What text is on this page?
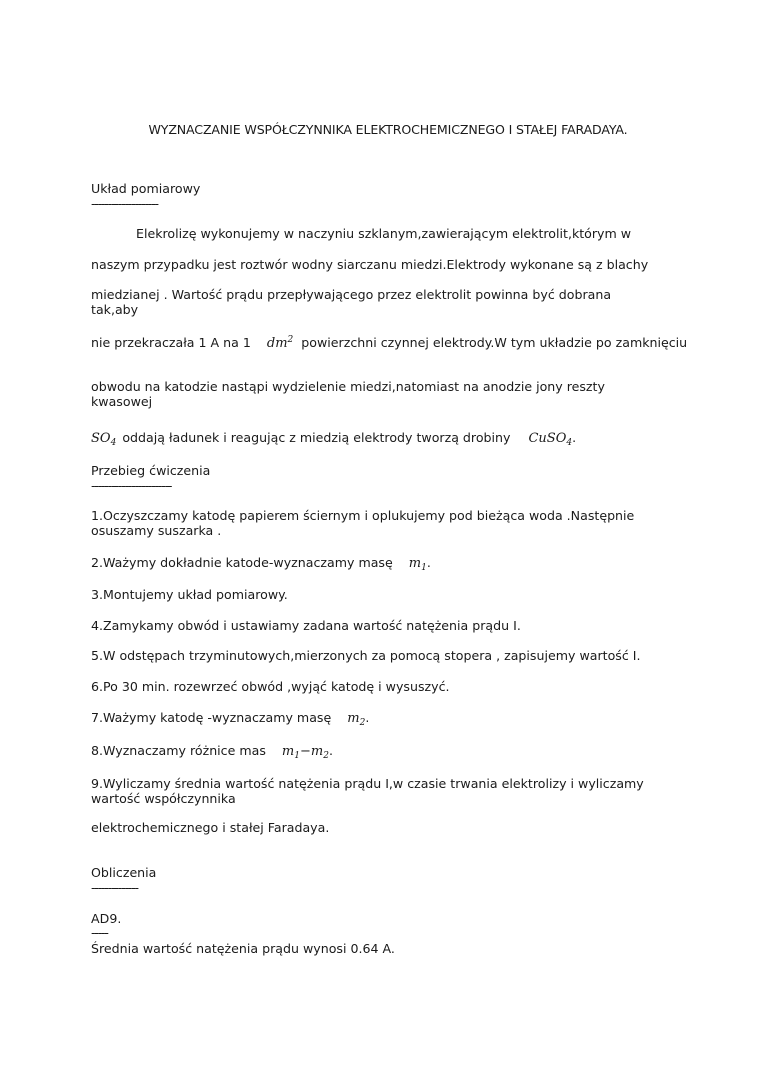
WYZNACZANIE WSPÓŁCZYNNIKA ELEKTROCHEMICZNEGO I STAŁEJ FARADAYA.
Układ pomiarowy
--------------------
Elekrolizę wykonujemy w naczyniu szklanym,zawierającym elektrolit,którym w
naszym przypadku jest roztwór wodny siarczanu miedzi.Elektrody wykonane są z blachy
miedzianej . Wartość prądu przepływającego przez elektrolit powinna być dobrana tak,aby
nie przekraczała 1 A na 1 $dm^2$ powierzchni czynnej elektrody.W tym układzie po zamknięciu
obwodu na katodzie nastąpi wydzielenie miedzi,natomiast na anodzie jony reszty kwasowej
$SO_4$ oddają ładunek i reagując z miedzią elektrody tworzą drobiny CuSO$_4$.
Przebieg ćwiczenia
------------------------
1.Oczyszczamy katodę papierem ściernym i oplukujemy pod bieżąca woda .Następnie osuszamy suszarka .
2.Ważymy dokładnie katode-wyznaczamy masę $m_1$.
3.Montujemy układ pomiarowy.
4.Zamykamy obwód i ustawiamy zadana wartość natężenia prądu I.
5.W odstępach trzyminutowych,mierzonych za pomocą stopera , zapisujemy wartość I.
6.Po 30 min. rozewrzeć obwód ,wyjąć katodę i wysuszyć.
7.Ważymy katodę -wyznaczamy masę $m_2$.
8.Wyznaczamy różnice mas $m_1-m_2$.
9.Wyliczamy średnia wartość natężenia prądu I,w czasie trwania elektrolizy i wyliczamy wartość współczynnika
elektrochemicznego i stałej Faradaya.
Obliczenia
--------------
AD9.
-----
Średnia wartość natężenia prądu wynosi 0.64 A.
